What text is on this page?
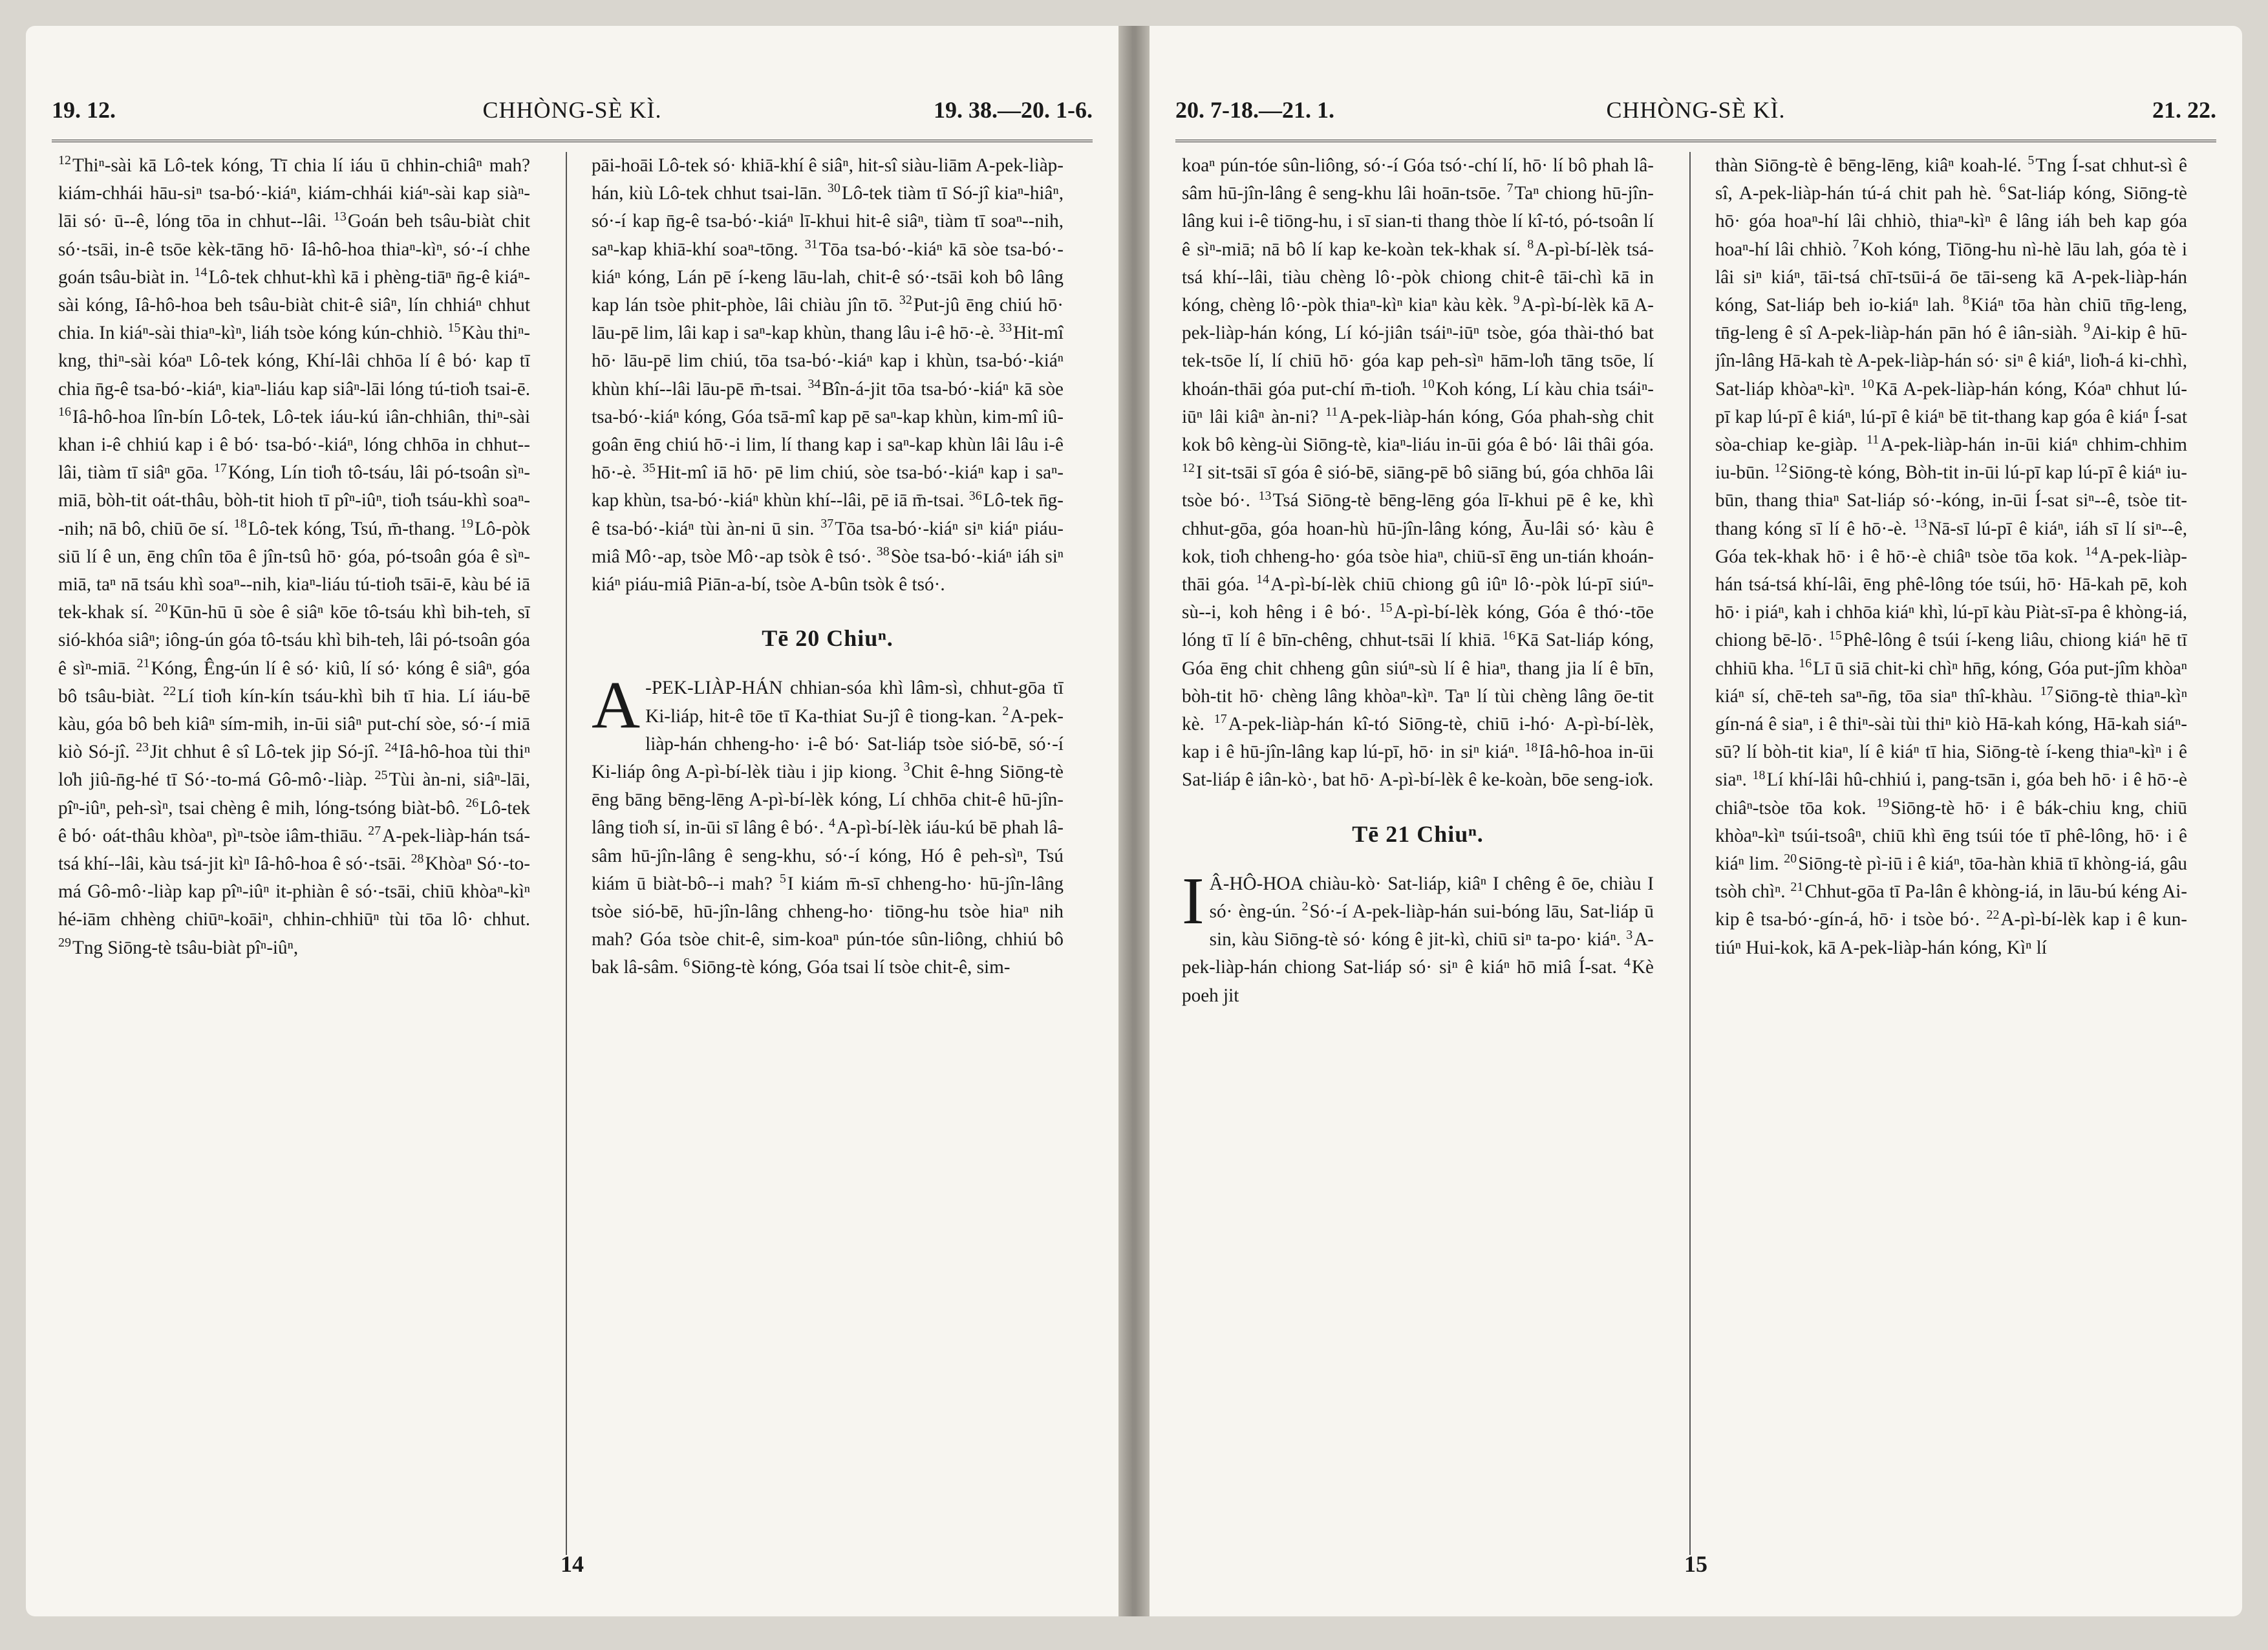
19. 12.	CHHÒNG-SÈ KÌ.	19. 38.—20. 1-6.

$^{12}$Thiⁿ-sài kā Lô-tek kóng, Tī chia lí iáu ū chhin-chiâⁿ mah? kiám-chhái hāu-siⁿ tsa-bó·-kiáⁿ, kiám-chhái kiáⁿ-sài kap siàⁿ-lāi só· ū--ê, lóng tōa in chhut--lâi. $^{13}$Goán beh tsâu-biàt chit só·-tsāi, in-ê tsōe kèk-tāng hō· Iâ-hô-hoa thiaⁿ-kìⁿ, só·-í chhe goán tsâu-biàt in. $^{14}$Lô-tek chhut-khì kā i phèng-tiāⁿ n̄g-ê kiáⁿ-sài kóng, Iâ-hô-hoa beh tsâu-biàt chit-ê siâⁿ, lín chhiáⁿ chhut chia. In kiáⁿ-sài thiaⁿ-kìⁿ, liáh tsòe kóng kún-chhiò. $^{15}$Kàu thiⁿ-kng, thiⁿ-sài kóaⁿ Lô-tek kóng, Khí-lâi chhōa lí ê bó· kap tī chia n̄g-ê tsa-bó·-kiáⁿ, kiaⁿ-liáu kap siâⁿ-lāi lóng tú-tio̍h tsai-ē. $^{16}$Iâ-hô-hoa lîn-bín Lô-tek, Lô-tek iáu-kú iân-chhiân, thiⁿ-sài khan i-ê chhiú kap i ê bó· tsa-bó·-kiáⁿ, lóng chhōa in chhut--lâi, tiàm tī siâⁿ gōa. $^{17}$Kóng, Lín tio̍h tô-tsáu, lâi pó-tsoân sìⁿ-miā, bòh-tit oát-thâu, bòh-tit hioh tī pîⁿ-iûⁿ, tio̍h tsáu-khì soaⁿ--nih; nā bô, chiū ōe sí. $^{18}$Lô-tek kóng, Tsú, m̄-thang. $^{19}$Lô-pòk siū lí ê un, ēng chîn tōa ê jîn-tsû hō· góa, pó-tsoân góa ê sìⁿ-miā, taⁿ nā tsáu khì soaⁿ--nih, kiaⁿ-liáu tú-tio̍h tsāi-ē, kàu bé iā tek-khak sí. $^{20}$Kūn-hū ū sòe ê siâⁿ kōe tô-tsáu khì bih-teh, sī sió-khóa siâⁿ; iông-ún góa tô-tsáu khì bih-teh, lâi pó-tsoân góa ê sìⁿ-miā. $^{21}$Kóng, Êng-ún lí ê só· kiû, lí só· kóng ê siâⁿ, góa bô tsâu-biàt. $^{22}$Lí tio̍h kín-kín tsáu-khì bih tī hia. Lí iáu-bē kàu, góa bô beh kiâⁿ sím-mih, in-ūi siâⁿ put-chí sòe, só·-í miā kiò Só-jî. $^{23}$Jit chhut ê sî Lô-tek jip Só-jî. $^{24}$Iâ-hô-hoa tùi thiⁿ lo̍h jiû-n̄g-hé tī Só·-to-má Gô-mô·-liàp. $^{25}$Tùi àn-ni, siâⁿ-lāi, pîⁿ-iûⁿ, peh-sìⁿ, tsai chèng ê mih, lóng-tsóng biàt-bô. $^{26}$Lô-tek ê bó· oát-thâu khòaⁿ, pìⁿ-tsòe iâm-thiāu. $^{27}$A-pek-liàp-hán tsá-tsá khí--lâi, kàu tsá-jit kìⁿ Iâ-hô-hoa ê só·-tsāi. $^{28}$Khòaⁿ Só·-to-má Gô-mô·-liàp kap pîⁿ-iûⁿ it-phiàn ê só·-tsāi, chiū khòaⁿ-kìⁿ hé-iām chhèng chiūⁿ-koāiⁿ, chhin-chhiūⁿ tùi tōa lô· chhut. $^{29}$Tng Siōng-tè tsâu-biàt pîⁿ-iûⁿ,

pāi-hoāi Lô-tek só· khiā-khí ê siâⁿ, hit-sî siàu-liām A-pek-liàp-hán, kiù Lô-tek chhut tsai-lān. $^{30}$Lô-tek tiàm tī Só-jî kiaⁿ-hiâⁿ, só·-í kap n̄g-ê tsa-bó·-kiáⁿ lī-khui hit-ê siâⁿ, tiàm tī soaⁿ--nih, saⁿ-kap khiā-khí soaⁿ-tōng. $^{31}$Tōa tsa-bó·-kiáⁿ kā sòe tsa-bó·-kiáⁿ kóng, Lán pē í-keng lāu-lah, chit-ê só·-tsāi koh bô lâng kap lán tsòe phit-phòe, lâi chiàu jîn tō. $^{32}$Put-jû ēng chiú hō· lāu-pē lim, lâi kap i saⁿ-kap khùn, thang lâu i-ê hō·-è. $^{33}$Hit-mî hō· lāu-pē lim chiú, tōa tsa-bó·-kiáⁿ kap i khùn, tsa-bó·-kiáⁿ khùn khí--lâi lāu-pē m̄-tsai. $^{34}$Bîn-á-jit tōa tsa-bó·-kiáⁿ kā sòe tsa-bó·-kiáⁿ kóng, Góa tsā-mî kap pē saⁿ-kap khùn, kim-mî iû-goân ēng chiú hō·-i lim, lí thang kap i saⁿ-kap khùn lâi lâu i-ê hō·-è. $^{35}$Hit-mî iā hō· pē lim chiú, sòe tsa-bó·-kiáⁿ kap i saⁿ-kap khùn, tsa-bó·-kiáⁿ khùn khí--lâi, pē iā m̄-tsai. $^{36}$Lô-tek n̄g-ê tsa-bó·-kiáⁿ tùi àn-ni ū sin. $^{37}$Tōa tsa-bó·-kiáⁿ siⁿ kiáⁿ piáu-miâ Mô·-ap, tsòe Mô·-ap tsòk ê tsó·. $^{38}$Sòe tsa-bó·-kiáⁿ iáh siⁿ kiáⁿ piáu-miâ Piān-a-bí, tsòe A-bûn tsòk ê tsó·.

Tē 20 Chiuⁿ.
A -PEK-LIÀP-HÁN chhian-sóa khì lâm-sì, chhut-gōa tī Ki-liáp, hit-ê tōe tī Ka-thiat Su-jî ê tiong-kan. $^2$A-pek-liàp-hán chheng-ho· i-ê bó· Sat-liáp tsòe sió-bē, só·-í Ki-liáp ông A-pì-bí-lèk tiàu i jip kiong. $^3$Chit ê-hng Siōng-tè ēng bāng bēng-lēng A-pì-bí-lèk kóng, Lí chhōa chit-ê hū-jîn-lâng tio̍h sí, in-ūi sī lâng ê bó·. $^4$A-pì-bí-lèk iáu-kú bē phah lâ-sâm hū-jîn-lâng ê seng-khu, só·-í kóng, Hó ê peh-sìⁿ, Tsú kiám ū biàt-bô--i mah? $^5$I kiám m̄-sī chheng-ho· hū-jîn-lâng tsòe sió-bē, hū-jîn-lâng chheng-ho· tiōng-hu tsòe hiaⁿ nih mah? Góa tsòe chit-ê, sim-koaⁿ pún-tóe sûn-liông, chhiú bô bak lâ-sâm. $^6$Siōng-tè kóng, Góa tsai lí tsòe chit-ê, sim-

14
20. 7-18.—21. 1.	CHHÒNG-SÈ KÌ.	21. 22.

koaⁿ pún-tóe sûn-liông, só·-í Góa tsó·-chí lí, hō· lí bô phah lâ-sâm hū-jîn-lâng ê seng-khu lâi hoān-tsōe. $^7$Taⁿ chiong hū-jîn-lâng kui i-ê tiōng-hu, i sī sian-ti thang thòe lí kî-tó, pó-tsoân lí ê sìⁿ-miā; nā bô lí kap ke-koàn tek-khak sí. $^8$A-pì-bí-lèk tsá-tsá khí--lâi, tiàu chèng lô·-pòk chiong chit-ê tāi-chì kā in kóng, chèng lô·-pòk thiaⁿ-kìⁿ kiaⁿ kàu kèk. $^9$A-pì-bí-lèk kā A-pek-liàp-hán kóng, Lí kó-jiân tsáiⁿ-iūⁿ tsòe, góa thài-thó bat tek-tsōe lí, lí chiū hō· góa kap peh-sìⁿ hām-lo̍h tāng tsōe, lí khoán-thāi góa put-chí m̄-tio̍h. $^{10}$Koh kóng, Lí kàu chia tsáiⁿ-iūⁿ lâi kiâⁿ àn-ni? $^{11}$A-pek-liàp-hán kóng, Góa phah-sǹg chit kok bô kèng-ùi Siōng-tè, kiaⁿ-liáu in-ūi góa ê bó· lâi thâi góa. $^{12}$I sit-tsāi sī góa ê sió-bē, siāng-pē bô siāng bú, góa chhōa lâi tsòe bó·. $^{13}$Tsá Siōng-tè bēng-lēng góa lī-khui pē ê ke, khì chhut-gōa, góa hoan-hù hū-jîn-lâng kóng, Āu-lâi só· kàu ê kok, tio̍h chheng-ho· góa tsòe hiaⁿ, chiū-sī ēng un-tián khoán-thāi góa. $^{14}$A-pì-bí-lèk chiū chiong gû iûⁿ lô·-pòk lú-pī siúⁿ-sù--i, koh hêng i ê bó·. $^{15}$A-pì-bí-lèk kóng, Góa ê thó·-tōe lóng tī lí ê bīn-chêng, chhut-tsāi lí khiā. $^{16}$Kā Sat-liáp kóng, Góa ēng chit chheng gûn siúⁿ-sù lí ê hiaⁿ, thang jia lí ê bīn, bòh-tit hō· chèng lâng khòaⁿ-kìⁿ. Taⁿ lí tùi chèng lâng ōe-tit kè. $^{17}$A-pek-liàp-hán kî-tó Siōng-tè, chiū i-hó· A-pì-bí-lèk, kap i ê hū-jîn-lâng kap lú-pī, hō· in siⁿ kiáⁿ. $^{18}$Iâ-hô-hoa in-ūi Sat-liáp ê iân-kò·, bat hō· A-pì-bí-lèk ê ke-koàn, bōe seng-io̍k.

Tē 21 Chiuⁿ.
I Â-HÔ-HOA chiàu-kò· Sat-liáp, kiâⁿ I chêng ê ōe, chiàu I só· èng-ún. $^2$Só·-í A-pek-liàp-hán sui-bóng lāu, Sat-liáp ū sin, kàu Siōng-tè só· kóng ê jit-kì, chiū siⁿ ta-po· kiáⁿ. $^3$A-pek-liàp-hán chiong Sat-liáp só· siⁿ ê kiáⁿ hō miâ Í-sat. $^4$Kè poeh jit

thàn Siōng-tè ê bēng-lēng, kiâⁿ koah-lé. $^5$Tng Í-sat chhut-sì ê sî, A-pek-liàp-hán tú-á chit pah hè. $^6$Sat-liáp kóng, Siōng-tè hō· góa hoaⁿ-hí lâi chhiò, thiaⁿ-kìⁿ ê lâng iáh beh kap góa hoaⁿ-hí lâi chhiò. $^7$Koh kóng, Tiōng-hu nì-hè lāu lah, góa tè i lâi siⁿ kiáⁿ, tāi-tsá chī-tsūi-á ōe tāi-seng kā A-pek-liàp-hán kóng, Sat-liáp beh io-kiáⁿ lah. $^8$Kiáⁿ tōa hàn chiū tn̄g-leng, tn̄g-leng ê sî A-pek-liàp-hán pān hó ê iân-siàh. $^9$Ai-kip ê hū-jîn-lâng Hā-kah tè A-pek-liàp-hán só· siⁿ ê kiáⁿ, lio̍h-á ki-chhì, Sat-liáp khòaⁿ-kìⁿ. $^{10}$Kā A-pek-liàp-hán kóng, Kóaⁿ chhut lú-pī kap lú-pī ê kiáⁿ, lú-pī ê kiáⁿ bē tit-thang kap góa ê kiáⁿ Í-sat sòa-chiap ke-giàp. $^{11}$A-pek-liàp-hán in-ūi kiáⁿ chhim-chhim iu-būn. $^{12}$Siōng-tè kóng, Bòh-tit in-ūi lú-pī kap lú-pī ê kiáⁿ iu-būn, thang thiaⁿ Sat-liáp só·-kóng, in-ūi Í-sat siⁿ--ê, tsòe tit-thang kóng sī lí ê hō·-è. $^{13}$Nā-sī lú-pī ê kiáⁿ, iáh sī lí siⁿ--ê, Góa tek-khak hō· i ê hō·-è chiâⁿ tsòe tōa kok. $^{14}$A-pek-liàp-hán tsá-tsá khí-lâi, ēng phê-lông tóe tsúi, hō· Hā-kah pē, koh hō· i piáⁿ, kah i chhōa kiáⁿ khì, lú-pī kàu Piàt-sī-pa ê khòng-iá, chiong bē-lō·. $^{15}$Phê-lông ê tsúi í-keng liâu, chiong kiáⁿ hē tī chhiū kha. $^{16}$Lī ū siā chit-ki chìⁿ hn̄g, kóng, Góa put-jîm khòaⁿ kiáⁿ sí, chē-teh saⁿ-n̄g, tōa siaⁿ thî-khàu. $^{17}$Siōng-tè thiaⁿ-kìⁿ gín-ná ê siaⁿ, i ê thiⁿ-sài tùi thiⁿ kiò Hā-kah kóng, Hā-kah siáⁿ-sū? lí bòh-tit kiaⁿ, lí ê kiáⁿ tī hia, Siōng-tè í-keng thiaⁿ-kìⁿ i ê siaⁿ. $^{18}$Lí khí-lâi hû-chhiú i, pang-tsān i, góa beh hō· i ê hō·-è chiâⁿ-tsòe tōa kok. $^{19}$Siōng-tè hō· i ê bák-chiu kng, chiū khòaⁿ-kìⁿ tsúi-tsoâⁿ, chiū khì ēng tsúi tóe tī phê-lông, hō· i ê kiáⁿ lim. $^{20}$Siōng-tè pì-iū i ê kiáⁿ, tōa-hàn khiā tī khòng-iá, gâu tsòh chìⁿ. $^{21}$Chhut-gōa tī Pa-lân ê khòng-iá, in lāu-bú kéng Ai-kip ê tsa-bó·-gín-á, hō· i tsòe bó·. $^{22}$A-pì-bí-lèk kap i ê kun-tiúⁿ Hui-kok, kā A-pek-liàp-hán kóng, Kìⁿ lí

15
